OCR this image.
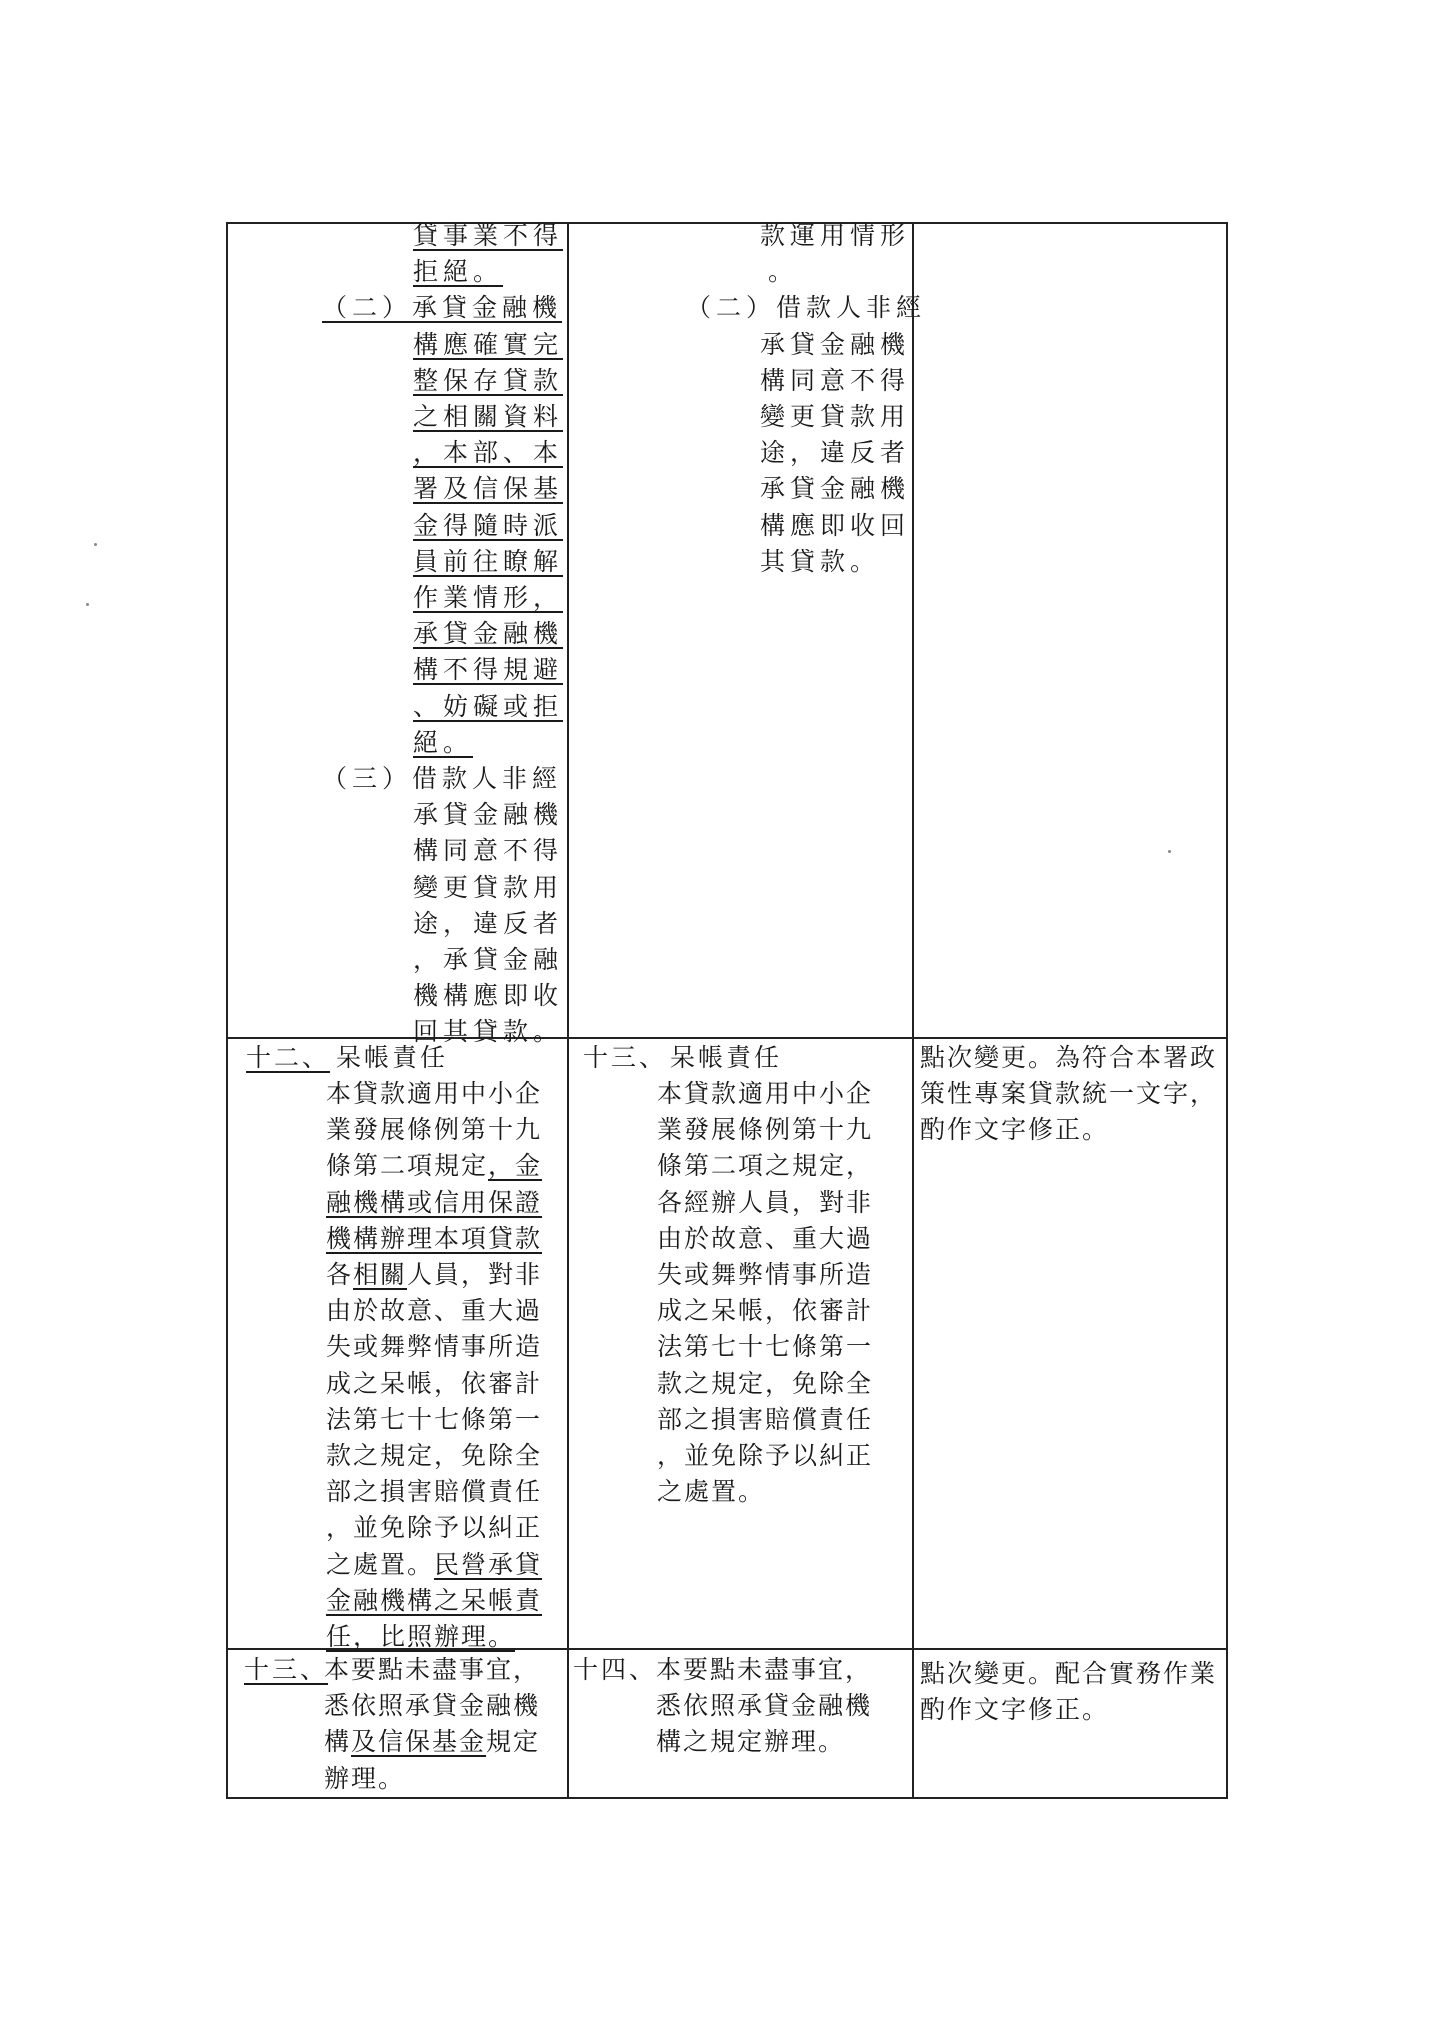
貸事業不得
拒絕。
（二）承貸金融機
構應確實完
整保存貸款
之相關資料
，本部、本
署及信保基
金得隨時派
員前往瞭解
作業情形，
承貸金融機
構不得規避
、妨礙或拒
絕。
（三）借款人非經
承貸金融機
構同意不得
變更貸款用
途，違反者
，承貸金融
機構應即收
回其貸款。
款運用情形
。
（二）借款人非經
承貸金融機
構同意不得
變更貸款用
途，違反者
承貸金融機
構應即收回
其貸款。
十二、 呆帳責任
本貸款適用中小企
業發展條例第十九
條第二項規定，金
融機構或信用保證
機構辦理本項貸款
各相關人員，對非
由於故意、重大過
失或舞弊情事所造
成之呆帳，依審計
法第七十七條第一
款之規定，免除全
部之損害賠償責任
，並免除予以糾正
之處置。民營承貸
金融機構之呆帳責
任，比照辦理。
十三、 呆帳責任
本貸款適用中小企
業發展條例第十九
條第二項之規定，
各經辦人員，對非
由於故意、重大過
失或舞弊情事所造
成之呆帳，依審計
法第七十七條第一
款之規定，免除全
部之損害賠償責任
，並免除予以糾正
之處置。
點次變更。為符合本署政
策性專案貸款統一文字，
酌作文字修正。
十三、
本要點未盡事宜，
悉依照承貸金融機
構及信保基金規定
辦理。
十四、
本要點未盡事宜，
悉依照承貸金融機
構之規定辦理。
點次變更。配合實務作業
酌作文字修正。
